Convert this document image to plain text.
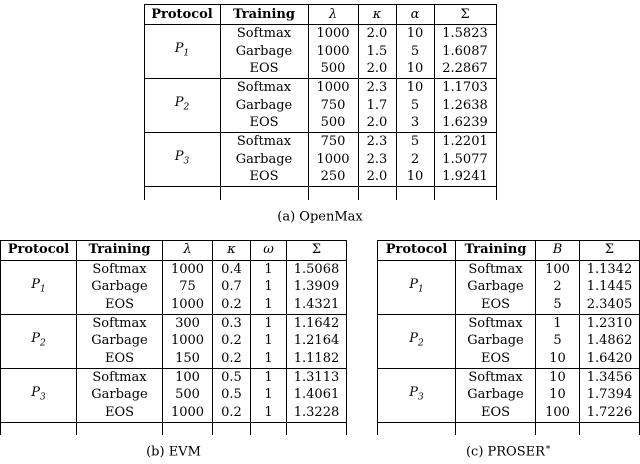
Protocol	Training	λ	κ	α	Σ
$P_1$	Softmax	1000	2.0	10	1.5823
	Garbage	1000	1.5	5	1.6087
	EOS	500	2.0	10	2.2867
$P_2$	Softmax	1000	2.3	10	1.1703
	Garbage	750	1.7	5	1.2638
	EOS	500	2.0	3	1.6239
$P_3$	Softmax	750	2.3	5	1.2201
	Garbage	1000	2.3	2	1.5077
	EOS	250	2.0	10	1.9241

(a) OpenMax
Protocol	Training	λ	κ	ω	Σ
$P_1$	Softmax	1000	0.4	1	1.5068
	Garbage	75	0.7	1	1.3909
	EOS	1000	0.2	1	1.4321
$P_2$	Softmax	300	0.3	1	1.1642
	Garbage	1000	0.2	1	1.2164
	EOS	150	0.2	1	1.1182
$P_3$	Softmax	100	0.5	1	1.3113
	Garbage	500	0.5	1	1.4061
	EOS	1000	0.2	1	1.3228

(b) EVM
Protocol	Training	B	Σ
$P_1$	Softmax	100	1.1342
	Garbage	2	1.1445
	EOS	5	2.3405
$P_2$	Softmax	1	1.2310
	Garbage	5	1.4862
	EOS	10	1.6420
$P_3$	Softmax	10	1.3456
	Garbage	10	1.7394
	EOS	100	1.7226

(c) PROSER∗
